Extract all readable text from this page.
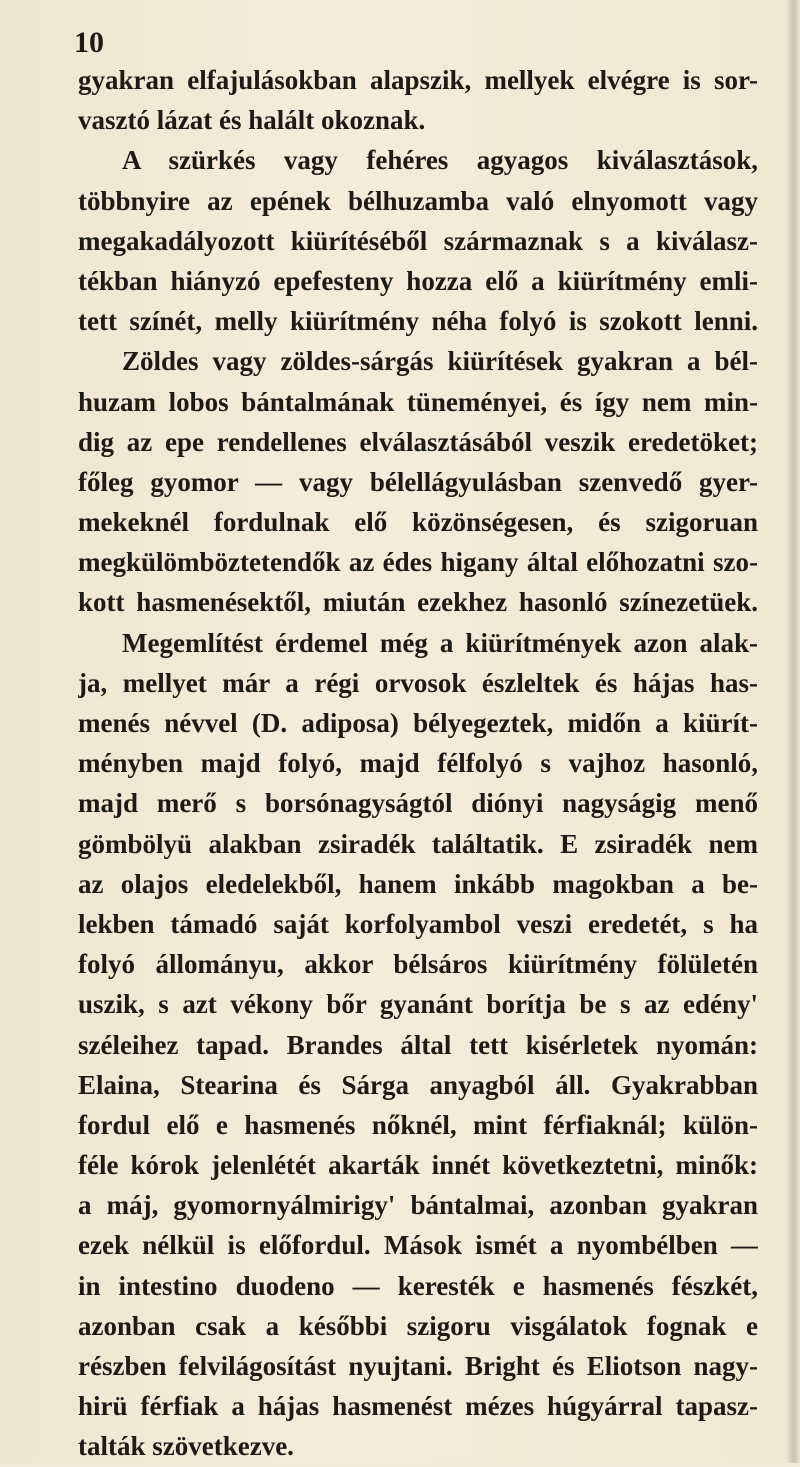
10
gyakran elfajulásokban alapszik, mellyek elvégre is sor-
vasztó lázat és halált okoznak.
A szürkés vagy fehéres agyagos kiválasztások,
többnyire az epének bélhuzamba való elnyomott vagy
megakadályozott kiürítéséből származnak s a kiválasz-
tékban hiányzó epefesteny hozza elő a kiürítmény emli-
tett színét, melly kiürítmény néha folyó is szokott lenni.
Zöldes vagy zöldes-sárgás kiürítések gyakran a bél-
huzam lobos bántalmának tüneményei, és így nem min-
dig az epe rendellenes elválasztásából veszik eredetöket;
főleg gyomor — vagy bélellágyulásban szenvedő gyer-
mekeknél fordulnak elő közönségesen, és szigoruan
megkülömböztetendők az édes higany által előhozatni szo-
kott hasmenésektől, miután ezekhez hasonló színezetüek.
Megemlítést érdemel még a kiürítmények azon alak-
ja, mellyet már a régi orvosok észleltek és hájas has-
menés névvel (D. adiposa) bélyegeztek, midőn a kiürít-
ményben majd folyó, majd félfolyó s vajhoz hasonló,
majd merő s borsónagyságtól diónyi nagyságig menő
gömbölyü alakban zsiradék találtatik. E zsiradék nem
az olajos eledelekből, hanem inkább magokban a be-
lekben támadó saját korfolyambol veszi eredetét, s ha
folyó állományu, akkor bélsáros kiürítmény fölületén
uszik, s azt vékony bőr gyanánt borítja be s az edény'
széleihez tapad. Brandes által tett kisérletek nyomán:
Elaina, Stearina és Sárga anyagból áll. Gyakrabban
fordul elő e hasmenés nőknél, mint férfiaknál; külön-
féle kórok jelenlétét akarták innét következtetni, minők:
a máj, gyomornyálmirigy' bántalmai, azonban gyakran
ezek nélkül is előfordul. Mások ismét a nyombélben —
in intestino duodeno — keresték e hasmenés fészkét,
azonban csak a későbbi szigoru visgálatok fognak e
részben felvilágosítást nyujtani. Bright és Eliotson nagy-
hirü férfiak a hájas hasmenést mézes húgyárral tapasz-
talták szövetkezve.
